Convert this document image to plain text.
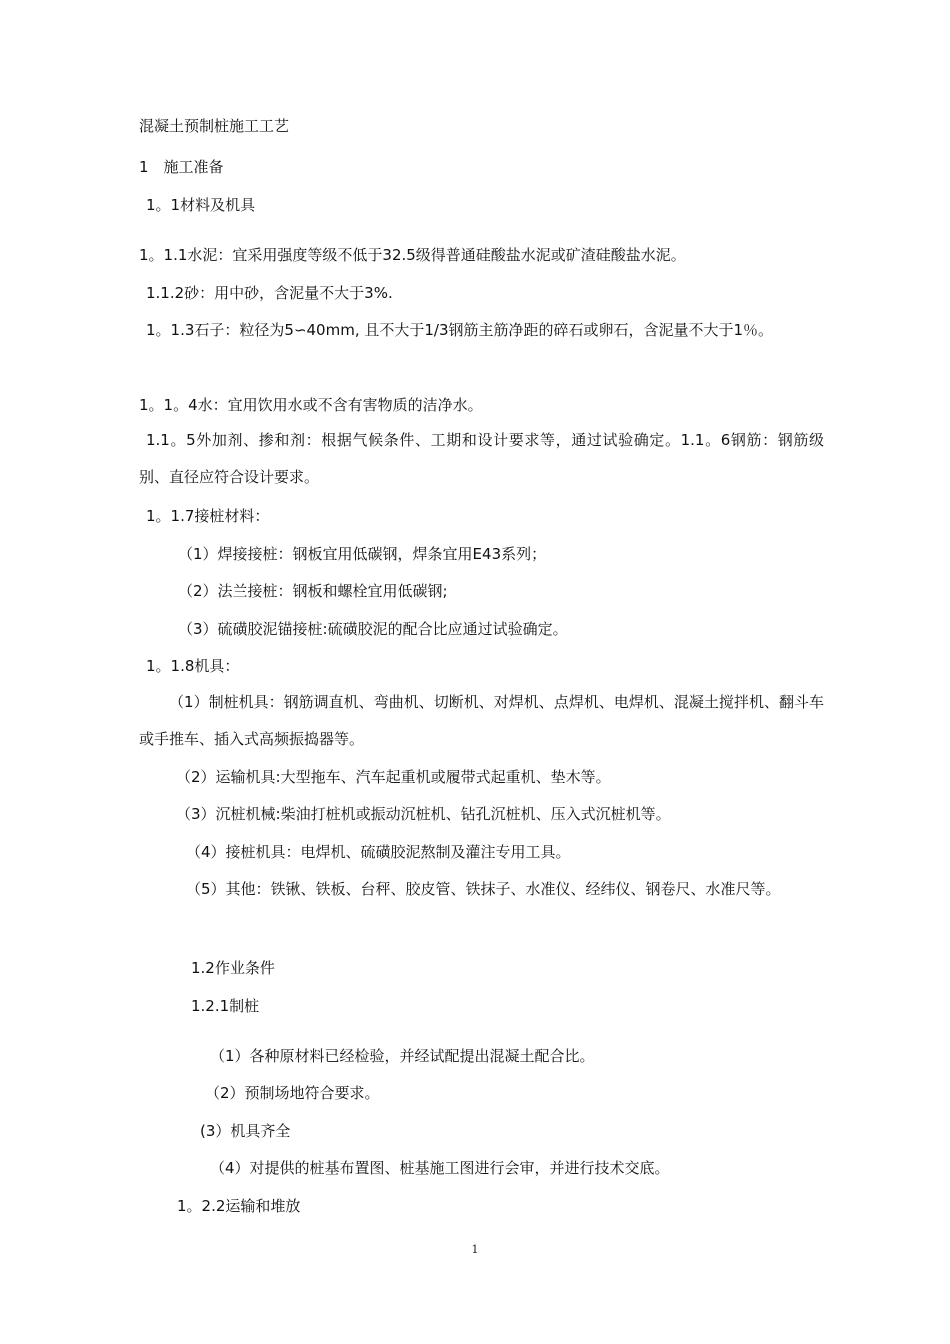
混凝土预制桩施工工艺
1　施工准备
1。1材料及机具
1。1.1水泥：宜采用强度等级不低于32.5级得普通硅酸盐水泥或矿渣硅酸盐水泥。
1.1.2砂：用中砂，含泥量不大于3%.
1。1.3石子：粒径为5∽40mm, 且不大于1/3钢筋主筋净距的碎石或卵石，含泥量不大于1％。
1。1。4水：宜用饮用水或不含有害物质的洁净水。
1.1。5外加剂、掺和剂：根据气候条件、工期和设计要求等，通过试验确定。1.1。6钢筋：钢筋级别、直径应符合设计要求。
1。1.7接桩材料：
（1）焊接接桩：钢板宜用低碳钢，焊条宜用E43系列；
（2）法兰接桩：钢板和螺栓宜用低碳钢;
（3）硫磺胶泥锚接桩:硫磺胶泥的配合比应通过试验确定。
1。1.8机具：
（1）制桩机具：钢筋调直机、弯曲机、切断机、对焊机、点焊机、电焊机、混凝土搅拌机、翻斗车或手推车、插入式高频振捣器等。
（2）运输机具:大型拖车、汽车起重机或履带式起重机、垫木等。
（3）沉桩机械:柴油打桩机或振动沉桩机、钻孔沉桩机、压入式沉桩机等。
（4）接桩机具：电焊机、硫磺胶泥熬制及灌注专用工具。
（5）其他：铁锹、铁板、台秤、胶皮管、铁抹子、水准仪、经纬仪、钢卷尺、水准尺等。
1.2作业条件
1.2.1制桩
（1）各种原材料已经检验，并经试配提出混凝土配合比。
（2）预制场地符合要求。
(3）机具齐全
（4）对提供的桩基布置图、桩基施工图进行会审，并进行技术交底。
1。2.2运输和堆放
1
